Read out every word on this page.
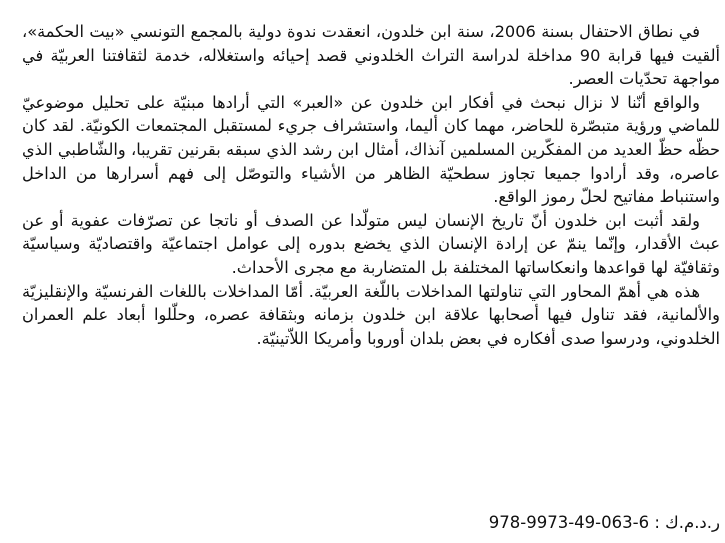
في نطاق الاحتفال بسنة 2006، سنة ابن خلدون، انعقدت ندوة دولية بالمجمع التونسي «بيت الحكمة»، ألقيت فيها قرابة 90 مداخلة لدراسة التراث الخلدوني قصد إحيائه واستغلاله، خدمة لثقافتنا العربيّة في مواجهة تحدّيات العصر.

والواقع أنّنا لا نزال نبحث في أفكار ابن خلدون عن «العبر» التي أرادها مبنيّة على تحليل موضوعيّ للماضي ورؤية متبصّرة للحاضر، مهما كان أليما، واستشراف جريء لمستقبل المجتمعات الكونيّة. لقد كان حظّه حظّ العديد من المفكّرين المسلمين آنذاك، أمثال ابن رشد الذي سبقه بقرنين تقريبا، والشّاطبي الذي عاصره، وقد أرادوا جميعا تجاوز سطحيّة الظاهر من الأشياء والتوصّل إلى فهم أسرارها من الداخل واستنباط مفاتيح لحلّ رموز الواقع.

ولقد أثبت ابن خلدون أنّ تاريخ الإنسان ليس متولّدا عن الصدف أو ناتجا عن تصرّفات عفوية أو عن عبث الأقدار، وإنّما ينمّ عن إرادة الإنسان الذي يخضع بدوره إلى عوامل اجتماعيّة واقتصاديّة وسياسيّة وثقافيّة لها قواعدها وانعكاساتها المختلفة بل المتضاربة مع مجرى الأحداث.

هذه هي أهمّ المحاور التي تناولتها المداخلات باللّغة العربيّة. أمّا المداخلات باللغات الفرنسيّة والإنقليزيّة والألمانية، فقد تناول فيها أصحابها علاقة ابن خلدون بزمانه وبثقافة عصره، وحلّلوا أبعاد علم العمران الخلدوني، ودرسوا صدى أفكاره في بعض بلدان أوروبا وأمريكا اللاّتينيّة.

ر.د.م.ك : 978-9973-49-063-6
